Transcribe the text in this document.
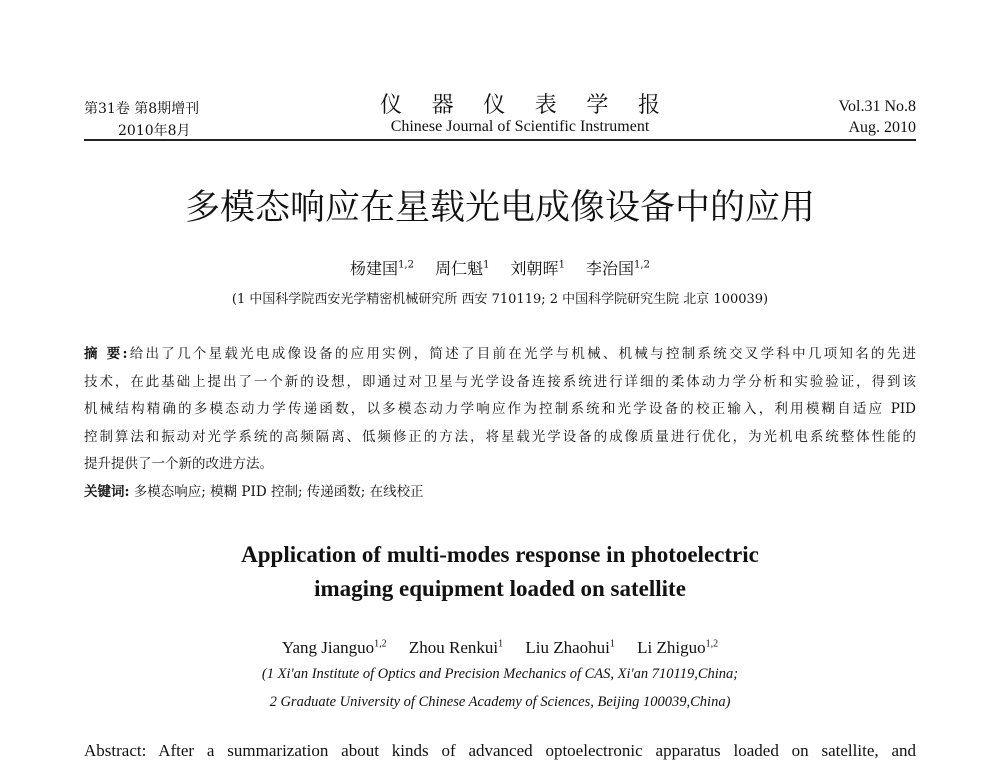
第31卷 第8期增刊
2010年8月
仪 器 仪 表 学 报
Chinese Journal of Scientific Instrument
Vol.31 No.8
Aug. 2010
多模态响应在星载光电成像设备中的应用
杨建国$^{1,2}$ 周仁魁$^1$ 刘朝晖$^1$ 李治国$^{1,2}$
(1 中国科学院西安光学精密机械研究所 西安 710119; 2 中国科学院研究生院 北京 100039)
摘 要:给出了几个星载光电成像设备的应用实例，简述了目前在光学与机械、机械与控制系统交叉学科中几项知名的先进
技术，在此基础上提出了一个新的设想，即通过对卫星与光学设备连接系统进行详细的柔体动力学分析和实验验证，得到该
机械结构精确的多模态动力学传递函数，以多模态动力学响应作为控制系统和光学设备的校正输入，利用模糊自适应 PID
控制算法和振动对光学系统的高频隔离、低频修正的方法，将星载光学设备的成像质量进行优化，为光机电系统整体性能的
提升提供了一个新的改进方法。
关键词: 多模态响应; 模糊 PID 控制; 传递函数; 在线校正
Application of multi-modes response in photoelectric
imaging equipment loaded on satellite
Yang Jianguo$^{1,2}$ Zhou Renkui$^1$ Liu Zhaohui$^1$ Li Zhiguo$^{1,2}$
(1 Xi'an Institute of Optics and Precision Mechanics of CAS, Xi'an 710119,China;
2 Graduate University of Chinese Academy of Sciences, Beijing 100039,China)
Abstract: After a summarization about kinds of advanced optoelectronic apparatus loaded on satellite, and
